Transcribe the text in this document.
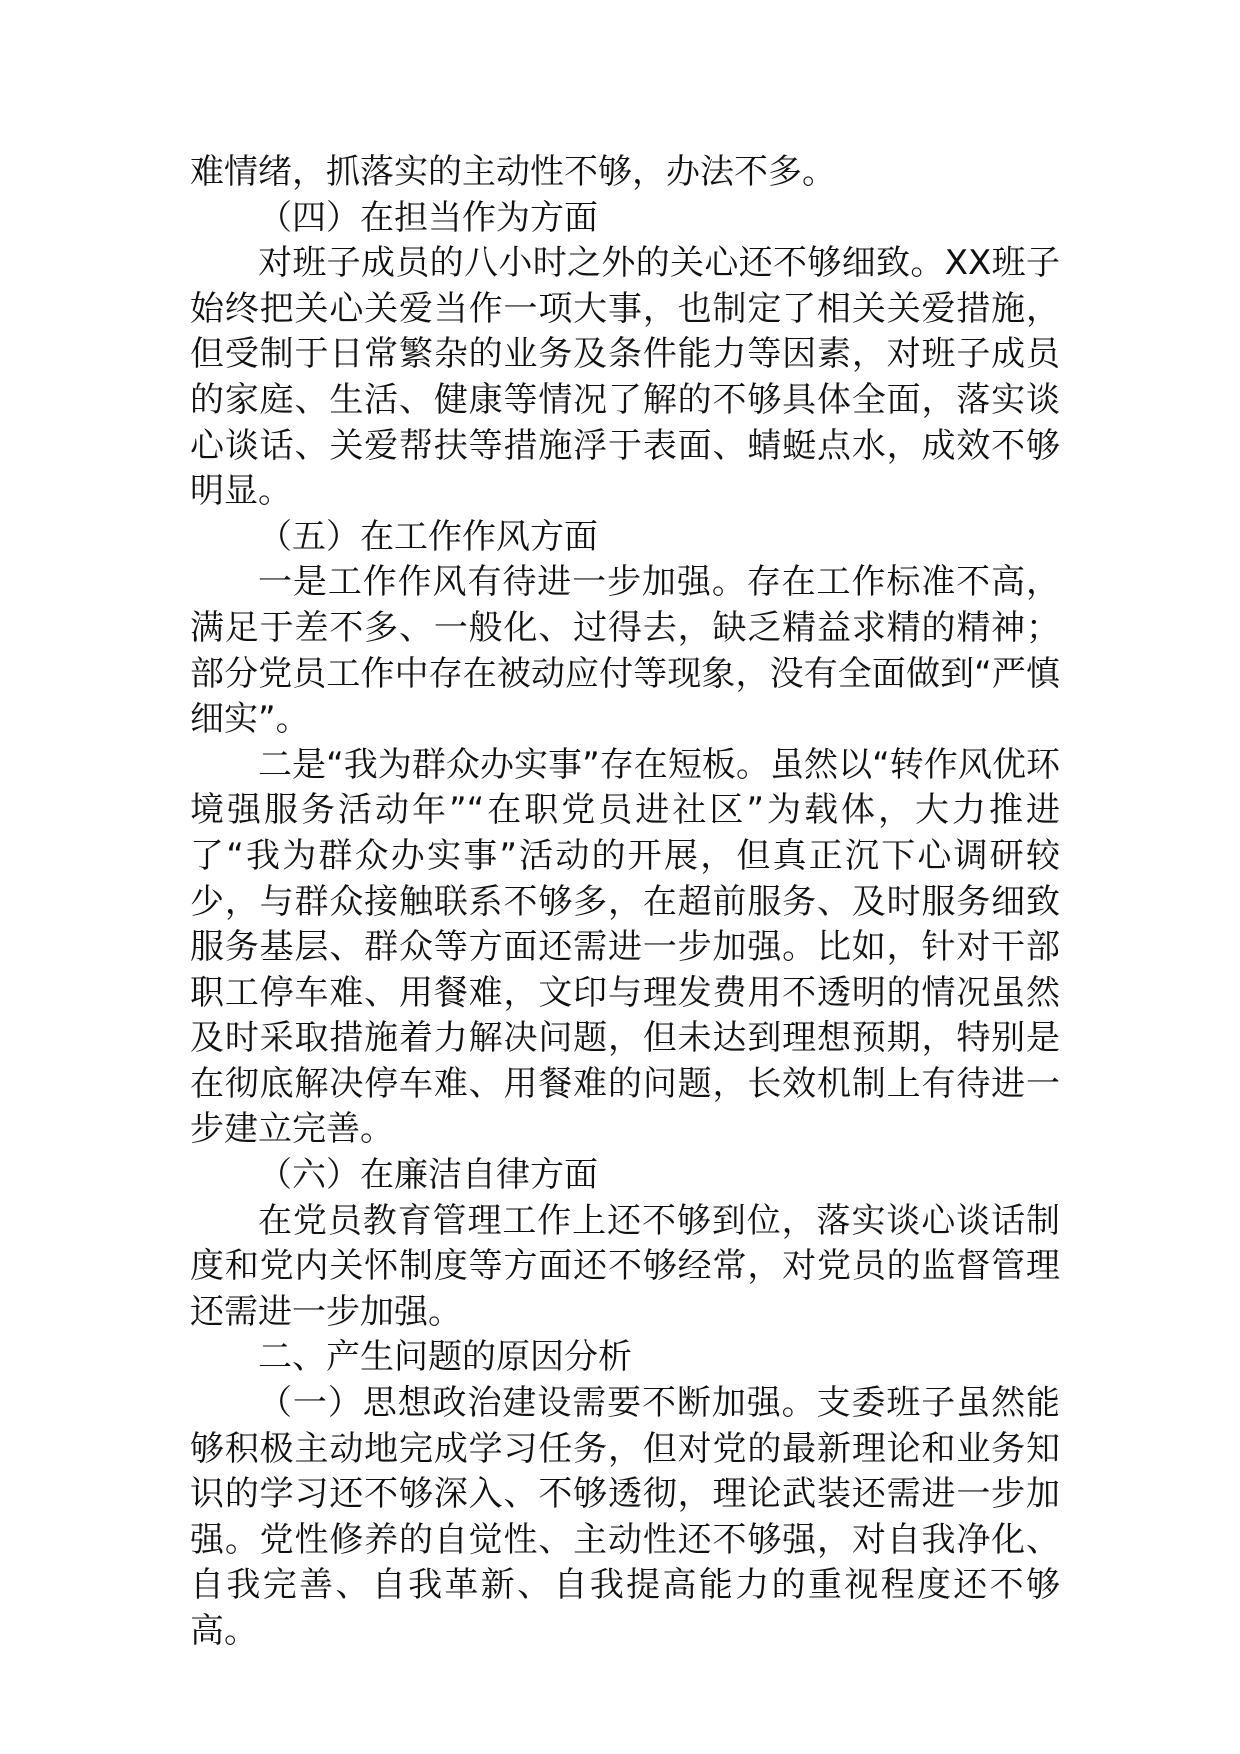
难情绪，抓落实的主动性不够，办法不多。

（四）在担当作为方面

对班子成员的八小时之外的关心还不够细致。XX班子始终把关心关爱当作一项大事，也制定了相关关爱措施，但受制于日常繁杂的业务及条件能力等因素，对班子成员的家庭、生活、健康等情况了解的不够具体全面，落实谈心谈话、关爱帮扶等措施浮于表面、蜻蜓点水，成效不够明显。

（五）在工作作风方面

一是工作作风有待进一步加强。存在工作标准不高，满足于差不多、一般化、过得去，缺乏精益求精的精神；部分党员工作中存在被动应付等现象，没有全面做到“严慎细实”。

二是“我为群众办实事”存在短板。虽然以“转作风优环境强服务活动年”“在职党员进社区”为载体，大力推进了“我为群众办实事”活动的开展，但真正沉下心调研较少，与群众接触联系不够多，在超前服务、及时服务细致服务基层、群众等方面还需进一步加强。比如，针对干部职工停车难、用餐难，文印与理发费用不透明的情况虽然及时采取措施着力解决问题，但未达到理想预期，特别是在彻底解决停车难、用餐难的问题，长效机制上有待进一步建立完善。

（六）在廉洁自律方面

在党员教育管理工作上还不够到位，落实谈心谈话制度和党内关怀制度等方面还不够经常，对党员的监督管理还需进一步加强。

二、产生问题的原因分析

（一）思想政治建设需要不断加强。支委班子虽然能够积极主动地完成学习任务，但对党的最新理论和业务知识的学习还不够深入、不够透彻，理论武装还需进一步加强。党性修养的自觉性、主动性还不够强，对自我净化、自我完善、自我革新、自我提高能力的重视程度还不够高。
